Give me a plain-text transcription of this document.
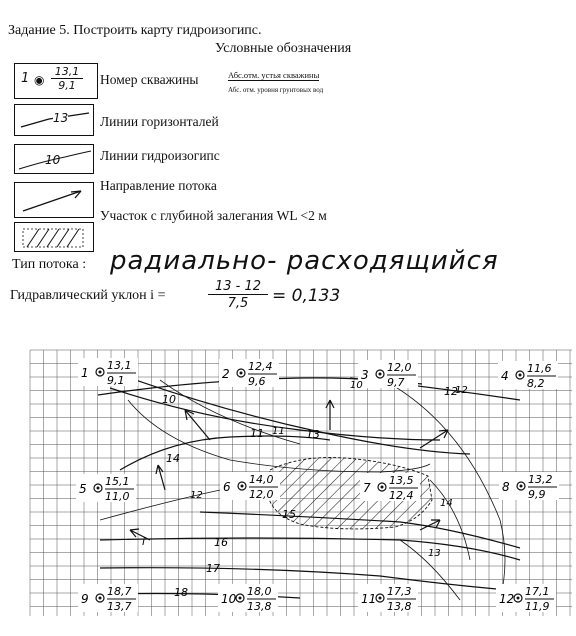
Задание 5. Построить карту гидроизогипс.
Условные обозначения
1 ◉
13,1
9,1	Номер скважины	Абс.отм. устья скважины
Абс. отм. уровня грунтовых вод
13 Линии горизонталей
10	Линии гидроизогипс
Направление потока
Участок с глубиной залегания WL <2 м
Тип потока : радиально- расходящийся
Гидравлический уклон i =
13 - 12
7,5	= 0,133
1
13,1
9,1	2
12,4
9,6	3
12,0
9,7	4
11,6
8,2
5
15,1
11,0
6
14,0
12,0	7
13,5
12,4
8
13,2
9,9
9
18,7
13,7
10
18,0
13,8
11
17,3
13,8
12
17,1
11,9
10
11
12
13
14
15
16
17
18
10
11
12
12
13
14
i
